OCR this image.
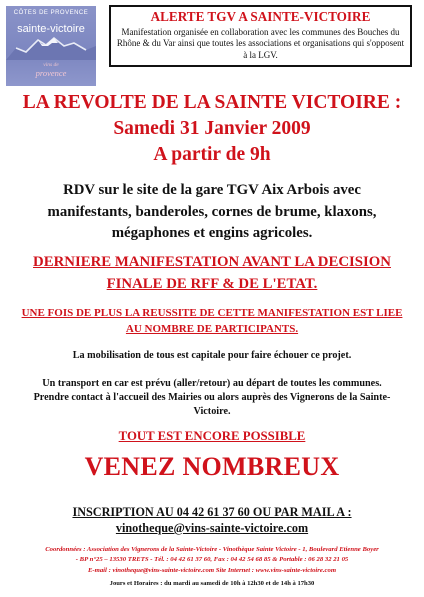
CÔTES DE PROVENCE
sainte-victoire
vins de
provence
ALERTE TGV A SAINTE-VICTOIRE
Manifestation organisée en collaboration avec les communes des Bouches du Rhône & du Var ainsi que toutes les associations et organisations qui s'opposent à la LGV.
LA REVOLTE DE LA SAINTE VICTOIRE :
Samedi 31 Janvier 2009
A partir de 9h
RDV sur le site de la gare TGV Aix Arbois avec manifestants, banderoles, cornes de brume, klaxons, mégaphones et engins agricoles.
DERNIERE MANIFESTATION AVANT LA DECISION FINALE DE RFF & DE L'ETAT.
UNE FOIS DE PLUS LA REUSSITE DE CETTE MANIFESTATION EST LIEE AU NOMBRE DE PARTICIPANTS.
La mobilisation de tous est capitale pour faire échouer ce projet.
Un transport en car est prévu (aller/retour) au départ de toutes les communes. Prendre contact à l'accueil des Mairies ou alors auprès des Vignerons de la Sainte-Victoire.
TOUT EST ENCORE POSSIBLE
VENEZ NOMBREUX
INSCRIPTION AU 04 42 61 37 60 OU PAR MAIL A :
vinotheque@vins-sainte-victoire.com
Coordonnées : Association des Vignerons de la Sainte-Victoire - Vinothèque Sainte Victoire - 1, Boulevard Etienne Boyer
- BP n°25 – 13530 TRETS - Tél. : 04 42 61 37 60, Fax : 04 42 54 68 85 & Portable : 06 28 32 21 05
E-mail : vinotheque@vins-sainte-victoire.com Site Internet : www.vins-sainte-victoire.com
Jours et Horaires : du mardi au samedi de 10h à 12h30 et de 14h à 17h30
